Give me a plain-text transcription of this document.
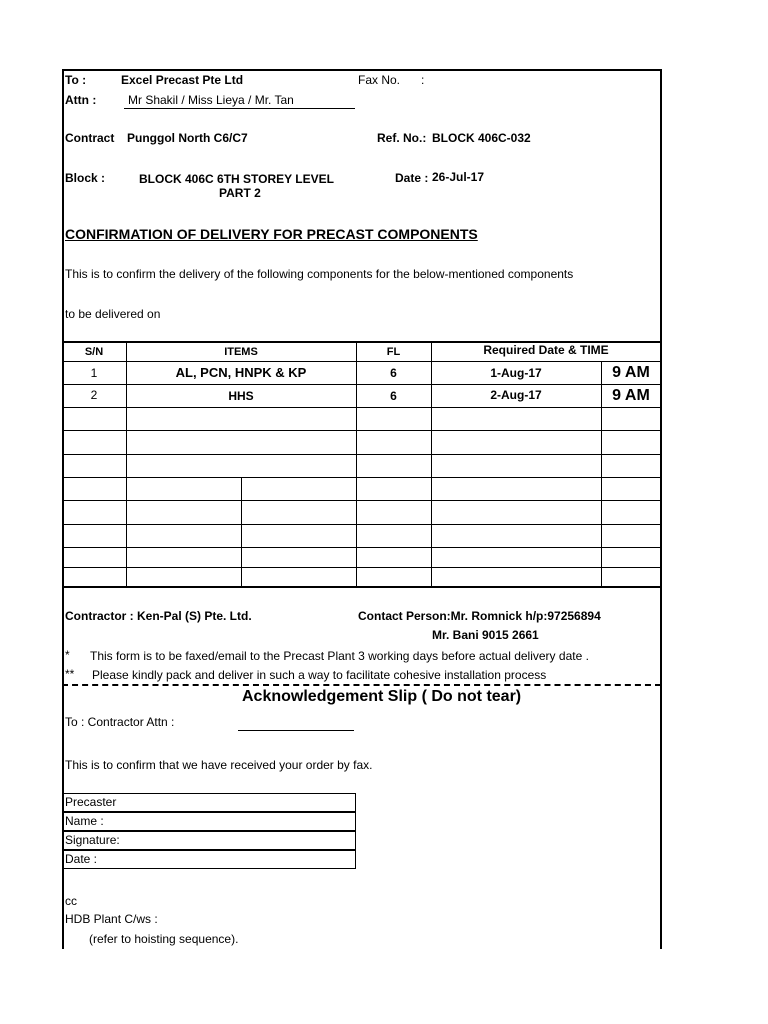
To :	Excel Precast Pte Ltd	Fax No. :
Attn :	Mr Shakil / Miss Lieya / Mr. Tan
Contract Punggol North C6/C7	Ref. No.: BLOCK 406C-032
Block :	BLOCK 406C 6TH STOREY LEVEL
PART 2
Date : 26-Jul-17
CONFIRMATION OF DELIVERY FOR PRECAST COMPONENTS
This is to confirm the delivery of the following components for the below-mentioned components
to be delivered on
S/N	ITEMS	FL	Required Date & TIME
1	AL, PCN, HNPK & KP	6	1-Aug-17	9 AM
2	HHS	6	2-Aug-17	9 AM
Contractor : Ken-Pal (S) Pte. Ltd.	Contact Person:Mr. Romnick h/p:97256894
Mr. Bani 9015 2661
* This form is to be faxed/email to the Precast Plant 3 working days before actual delivery date .
** Please kindly pack and deliver in such a way to facilitate cohesive installation process
Acknowledgement Slip ( Do not tear)
To : Contractor Attn :
This is to confirm that we have received your order by fax.
Precaster
Name :
Signature:
Date :
cc
HDB Plant C/ws :
(refer to hoisting sequence).
